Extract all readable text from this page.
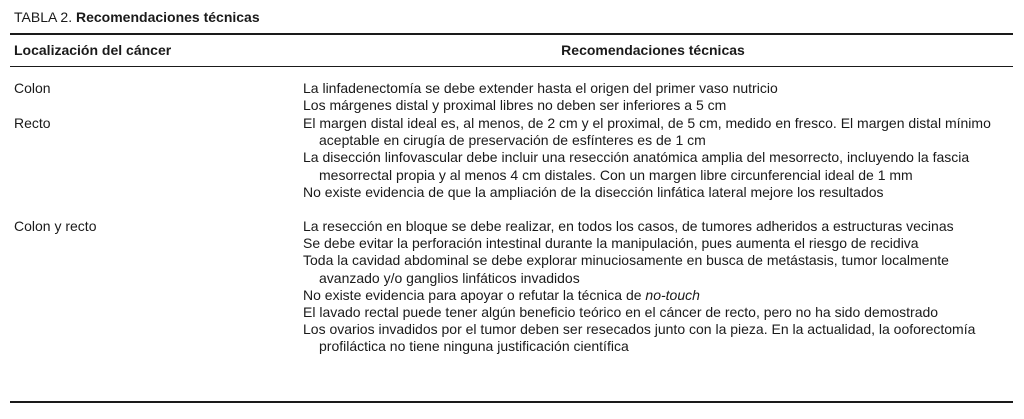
TABLA 2. Recomendaciones técnicas
Localización del cáncer	Recomendaciones técnicas
Colon	La linfadenectomía se debe extender hasta el origen del primer vaso nutricio
Los márgenes distal y proximal libres no deben ser inferiores a 5 cm
Recto	El margen distal ideal es, al menos, de 2 cm y el proximal, de 5 cm, medido en fresco. El margen distal mínimo aceptable en cirugía de preservación de esfínteres es de 1 cm
La disección linfovascular debe incluir una resección anatómica amplia del mesorrecto, incluyendo la fascia mesorrectal propia y al menos 4 cm distales. Con un margen libre circunferencial ideal de 1 mm
No existe evidencia de que la ampliación de la disección linfática lateral mejore los resultados
Colon y recto	La resección en bloque se debe realizar, en todos los casos, de tumores adheridos a estructuras vecinas
Se debe evitar la perforación intestinal durante la manipulación, pues aumenta el riesgo de recidiva
Toda la cavidad abdominal se debe explorar minuciosamente en busca de metástasis, tumor localmente avanzado y/o ganglios linfáticos invadidos
No existe evidencia para apoyar o refutar la técnica de no-touch
El lavado rectal puede tener algún beneficio teórico en el cáncer de recto, pero no ha sido demostrado
Los ovarios invadidos por el tumor deben ser resecados junto con la pieza. En la actualidad, la ooforectomía profiláctica no tiene ninguna justificación científica
